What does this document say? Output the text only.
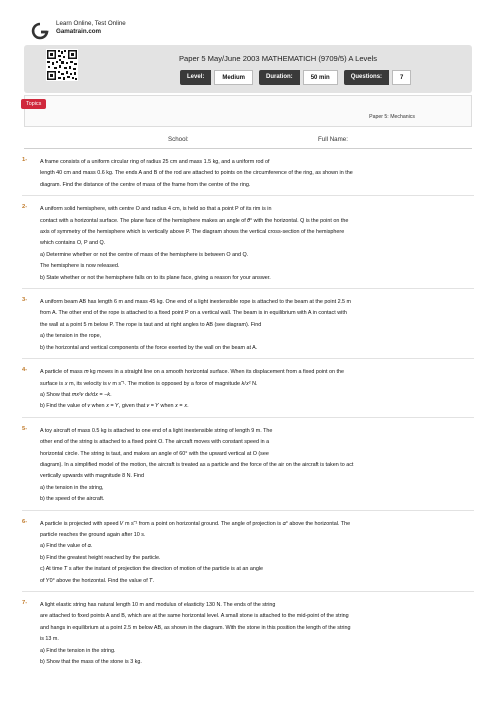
Learn Online, Test Online
Gamatrain.com
Paper 5 May/June 2003 MATHEMATICH (9709/5) A Levels
Level:	Medium	Duration:	50 min	Questions:	7
Topics
Paper 5: Mechanics
School:	Full Name:
1- A frame consists of a uniform circular ring of radius 25 cm and mass 1.5 kg, and a uniform rod of
length 40 cm and mass 0.6 kg. The ends A and B of the rod are attached to points on the circumference of the ring, as shown in the
diagram. Find the distance of the centre of mass of the frame from the centre of the ring.
2- A uniform solid hemisphere, with centre O and radius 4 cm, is held so that a point P of its rim is in
contact with a horizontal surface. The plane face of the hemisphere makes an angle of 𝜃° with the horizontal. Q is the point on the
axis of symmetry of the hemisphere which is vertically above P. The diagram shows the vertical cross-section of the hemisphere
which contains O, P and Q.
a) Determine whether or not the centre of mass of the hemisphere is between O and Q.
The hemisphere is now released.
b) State whether or not the hemisphere falls on to its plane face, giving a reason for your answer.
3- A uniform beam AB has length 6 m and mass 45 kg. One end of a light inextensible rope is attached to the beam at the point 2.5 m
from A. The other end of the rope is attached to a fixed point P on a vertical wall. The beam is in equilibrium with A in contact with
the wall at a point 5 m below P. The rope is taut and at right angles to AB (see diagram). Find
a) the tension in the rope,
b) the horizontal and vertical components of the force exerted by the wall on the beam at A.
4- A particle of mass 𝑚 kg moves in a straight line on a smooth horizontal surface. When its displacement from a fixed point on the
surface is 𝑥 m, its velocity is 𝑣 m s⁻¹. The motion is opposed by a force of magnitude 𝑘/𝑥² N.
a) Show that 𝑚𝑥²𝑣 d𝑣/d𝑥 = −𝑘.
b) Find the value of 𝑣 when 𝑥 = 𝑌, given that 𝑣 = 𝑌 when 𝑥 = 𝑥.
5- A toy aircraft of mass 0.5 kg is attached to one end of a light inextensible string of length 9 m. The
other end of the string is attached to a fixed point O. The aircraft moves with constant speed in a
horizontal circle. The string is taut, and makes an angle of 60° with the upward vertical at O (see
diagram). In a simplified model of the motion, the aircraft is treated as a particle and the force of the air on the aircraft is taken to act
vertically upwards with magnitude 8 N. Find
a) the tension in the string,
b) the speed of the aircraft.
6- A particle is projected with speed 𝑉 m s⁻¹ from a point on horizontal ground. The angle of projection is 𝛼° above the horizontal. The
particle reaches the ground again after 10 s.
a) Find the value of 𝛼.
b) Find the greatest height reached by the particle.
c) At time 𝑇 s after the instant of projection the direction of motion of the particle is at an angle
of 𝑌0° above the horizontal. Find the value of 𝑇.
7- A light elastic string has natural length 10 m and modulus of elasticity 130 N. The ends of the string
are attached to fixed points A and B, which are at the same horizontal level. A small stone is attached to the mid-point of the string
and hangs in equilibrium at a point 2.5 m below AB, as shown in the diagram. With the stone in this position the length of the string
is 13 m.
a) Find the tension in the string.
b) Show that the mass of the stone is 3 kg.
